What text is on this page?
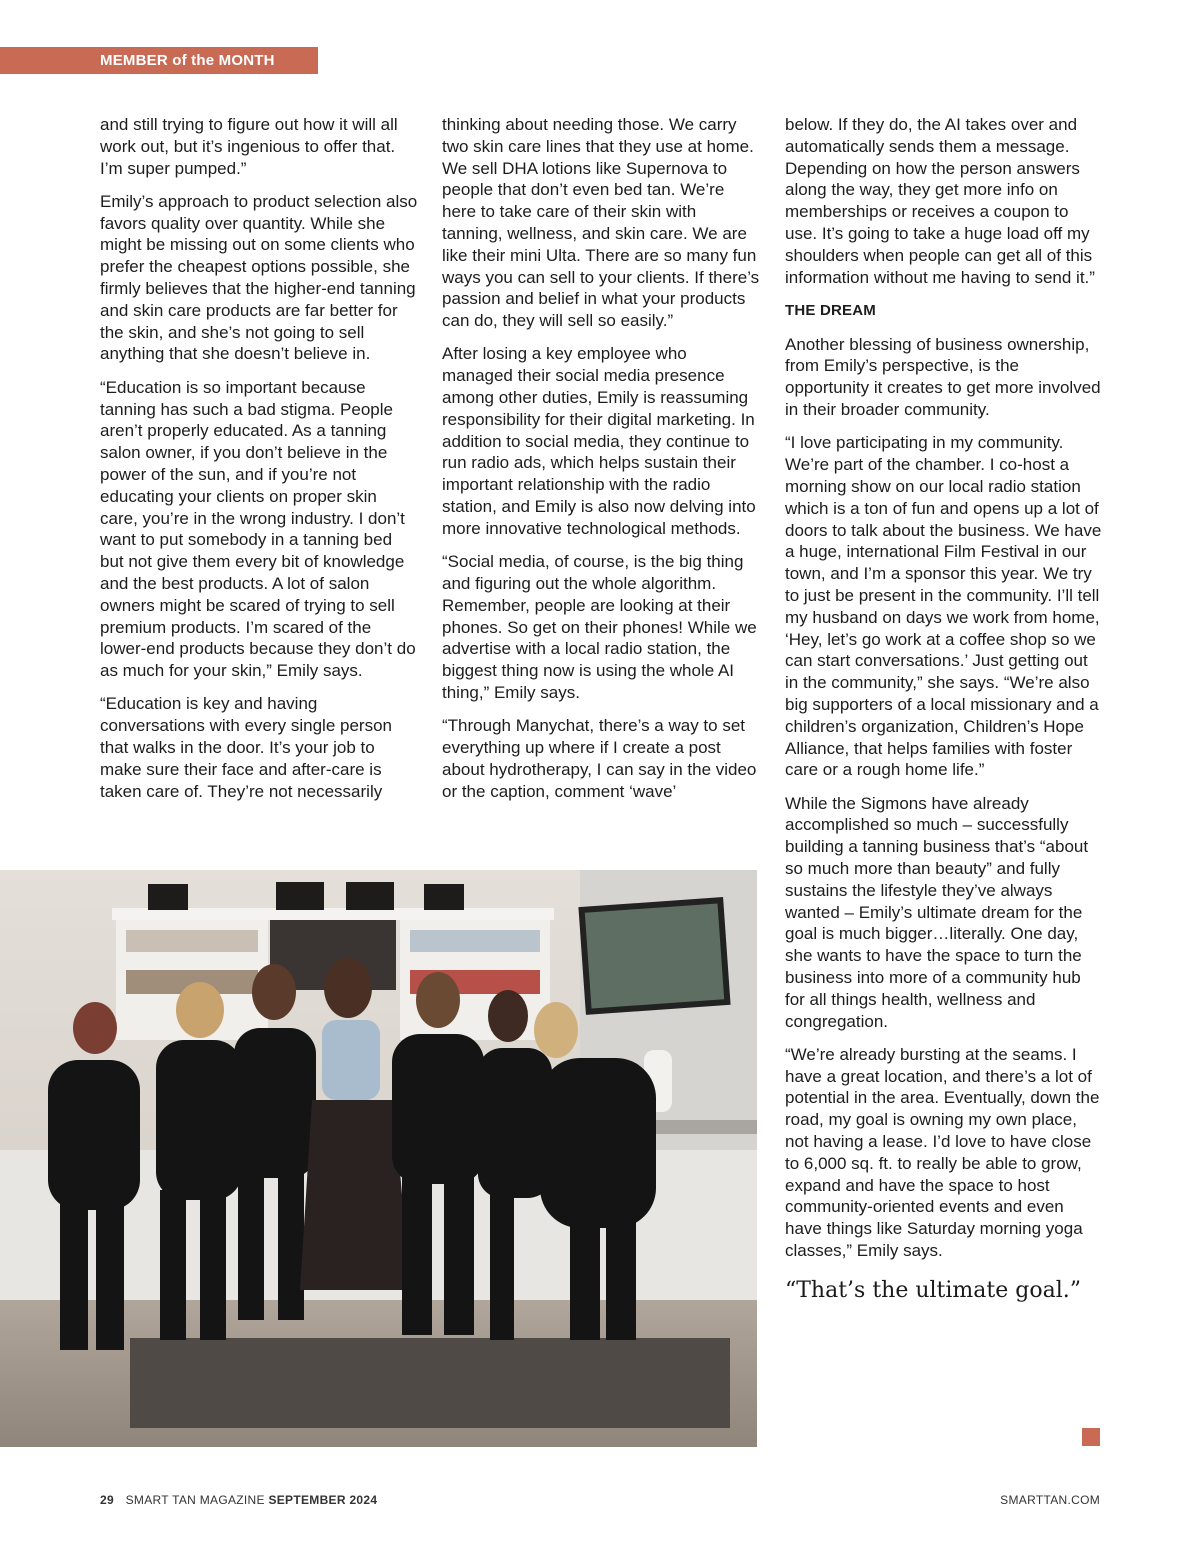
MEMBER of the MONTH

and still trying to figure out how it will all work out, but it’s ingenious to offer that. I’m super pumped.”

Emily’s approach to product selection also favors quality over quantity. While she might be missing out on some clients who prefer the cheapest options possible, she firmly believes that the higher-end tanning and skin care products are far better for the skin, and she’s not going to sell anything that she doesn’t believe in.

“Education is so important because tanning has such a bad stigma. People aren’t properly educated. As a tanning salon owner, if you don’t believe in the power of the sun, and if you’re not educating your clients on proper skin care, you’re in the wrong industry. I don’t want to put somebody in a tanning bed but not give them every bit of knowledge and the best products. A lot of salon owners might be scared of trying to sell premium products. I’m scared of the lower-end products because they don’t do as much for your skin,” Emily says.

“Education is key and having conversations with every single person that walks in the door. It’s your job to make sure their face and after-care is taken care of. They’re not necessarily

thinking about needing those. We carry two skin care lines that they use at home. We sell DHA lotions like Supernova to people that don’t even bed tan. We’re here to take care of their skin with tanning, wellness, and skin care. We are like their mini Ulta. There are so many fun ways you can sell to your clients. If there’s passion and belief in what your products can do, they will sell so easily.”

After losing a key employee who managed their social media presence among other duties, Emily is reassuming responsibility for their digital marketing. In addition to social media, they continue to run radio ads, which helps sustain their important relationship with the radio station, and Emily is also now delving into more innovative technological methods.

“Social media, of course, is the big thing and figuring out the whole algorithm. Remember, people are looking at their phones. So get on their phones! While we advertise with a local radio station, the biggest thing now is using the whole AI thing,” Emily says.

“Through Manychat, there’s a way to set everything up where if I create a post about hydrotherapy, I can say in the video or the caption, comment ‘wave’

below. If they do, the AI takes over and automatically sends them a message. Depending on how the person answers along the way, they get more info on memberships or receives a coupon to use. It’s going to take a huge load off my shoulders when people can get all of this information without me having to send it.”

THE DREAM

Another blessing of business ownership, from Emily’s perspective, is the opportunity it creates to get more involved in their broader community.

“I love participating in my community. We’re part of the chamber. I co-host a morning show on our local radio station which is a ton of fun and opens up a lot of doors to talk about the business. We have a huge, international Film Festival in our town, and I’m a sponsor this year. We try to just be present in the community. I’ll tell my husband on days we work from home, ‘Hey, let’s go work at a coffee shop so we can start conversations.’ Just getting out in the community,” she says. “We’re also big supporters of a local missionary and a children’s organization, Children’s Hope Alliance, that helps families with foster care or a rough home life.”

While the Sigmons have already accomplished so much – successfully building a tanning business that’s “about so much more than beauty” and fully sustains the lifestyle they’ve always wanted – Emily’s ultimate dream for the goal is much bigger…literally. One day, she wants to have the space to turn the business into more of a community hub for all things health, wellness and congregation.

“We’re already bursting at the seams. I have a great location, and there’s a lot of potential in the area. Eventually, down the road, my goal is owning my own place, not having a lease. I’d love to have close to 6,000 sq. ft. to really be able to grow, expand and have the space to host community-oriented events and even have things like Saturday morning yoga classes,” Emily says.

“That’s the ultimate goal.”
29 SMART TAN MAGAZINE SEPTEMBER 2024	SMARTTAN.COM
